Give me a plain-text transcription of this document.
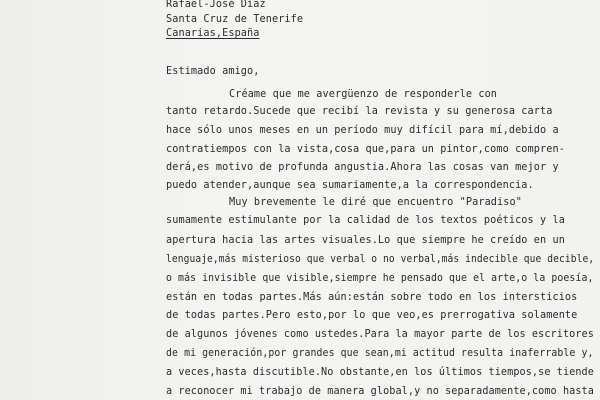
Rafael-José Díaz
Santa Cruz de Tenerife
Canarias,España
Estimado amigo,
Créame que me avergüenzo de responderle con
tanto retardo.Sucede que recibí la revista y su generosa carta
hace sólo unos meses en un período muy difícil para mí,debido a
contratiempos con la vista,cosa que,para un pintor,como compren-
derá,es motivo de profunda angustia.Ahora las cosas van mejor y
puedo atender,aunque sea sumariamente,a la correspondencia.
Muy brevemente le diré que encuentro "Paradiso"
sumamente estimulante por la calidad de los textos poéticos y la
apertura hacia las artes visuales.Lo que siempre he creído en un
lenguaje,más misterioso que verbal o no verbal,más indecible que decible,
o más invisible que visible,siempre he pensado que el arte,o la poesía,
están en todas partes.Más aún:están sobre todo en los intersticios
de todas partes.Pero esto,por lo que veo,es prerrogativa solamente
de algunos jóvenes como ustedes.Para la mayor parte de los escritores
de mi generación,por grandes que sean,mi actitud resulta inaferrable y,
a veces,hasta discutible.No obstante,en los últimos tiempos,se tiende
a reconocer mi trabajo de manera global,y no separadamente,como hasta
